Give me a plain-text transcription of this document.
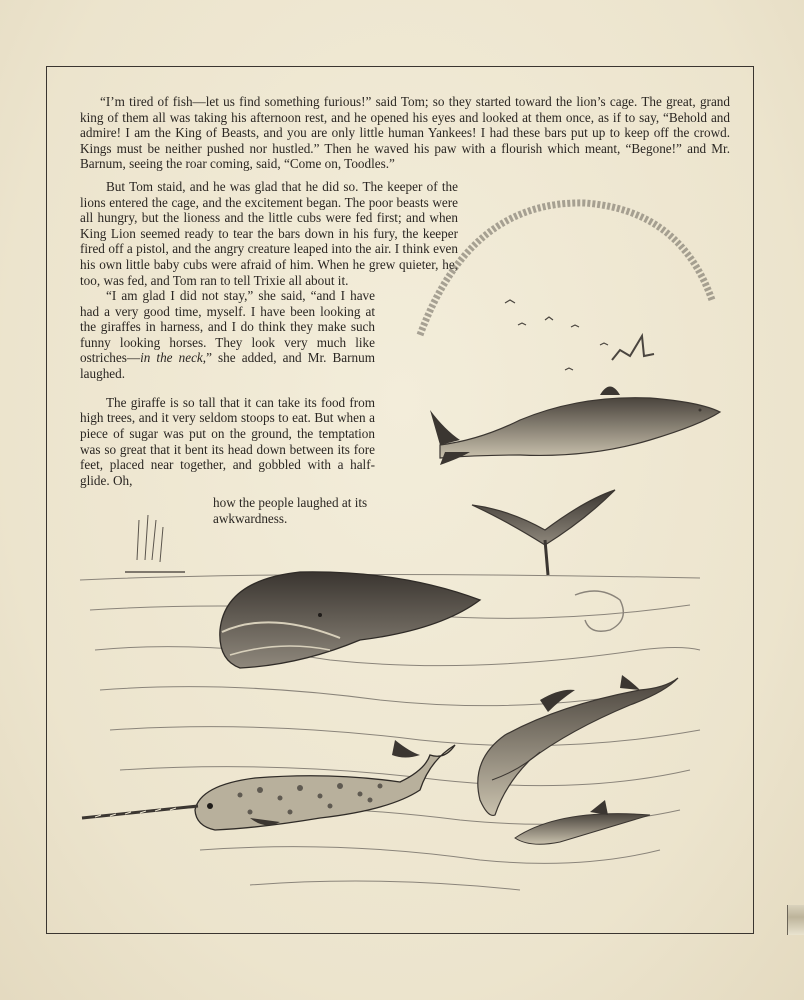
“I’m tired of fish—let us find something furious!” said Tom; so they started toward the lion’s cage. The great, grand king of them all was taking his afternoon rest, and he opened his eyes and looked at them once, as if to say, “Behold and admire! I am the King of Beasts, and you are only little human Yankees! I had these bars put up to keep off the crowd. Kings must be neither pushed nor hustled.” Then he waved his paw with a flourish which meant, “Begone!” and Mr. Barnum, seeing the roar coming, said, “Come on, Toodles.”

But Tom staid, and he was glad that he did so. The keeper of the lions entered the cage, and the excitement began. The poor beasts were all hungry, but the lioness and the little cubs were fed first; and when King Lion seemed ready to tear the bars down in his fury, the keeper fired off a pistol, and the angry creature leaped into the air. I think even his own little baby cubs were afraid of him. When he grew quieter, he, too, was fed, and Tom ran to tell Trixie all about it.

“I am glad I did not stay,” she said, “and I have had a very good time, myself. I have been looking at the giraffes in harness, and I do think they make such funny looking horses. They look very much like ostriches—in the neck,” she added, and Mr. Barnum laughed.

The giraffe is so tall that it can take its food from high trees, and it very seldom stoops to eat. But when a piece of sugar was put on the ground, the temptation was so great that it bent its head down between its fore feet, placed near together, and gobbled with a half-glide. Oh,

how the people laughed at its awkwardness.
